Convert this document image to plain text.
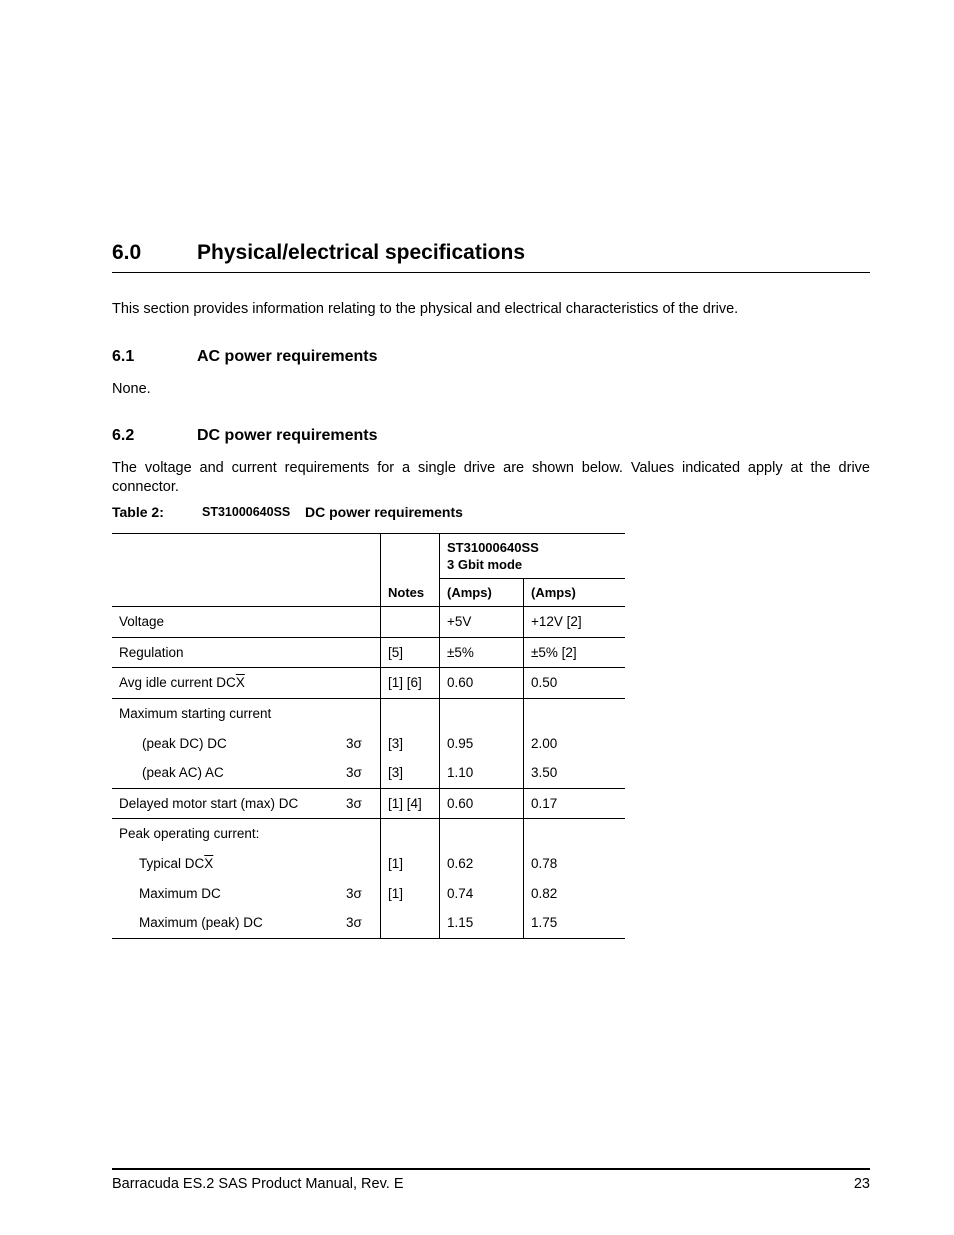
6.0	Physical/electrical specifications
This section provides information relating to the physical and electrical characteristics of the drive.
6.1	AC power requirements
None.
6.2	DC power requirements
The voltage and current requirements for a single drive are shown below. Values indicated apply at the drive connector.
Table 2:	ST31000640SS DC power requirements

			ST31000640SS
3 Gbit mode	

		Notes	(Amps)	(Amps)
Voltage			+5V	+12V [2]
Regulation		[5]	±5%	±5% [2]
Avg idle current $DC\overline{X}$		[1] [6]	0.60	0.50
Maximum starting current				
(peak DC) DC	3σ	[3]	0.95	2.00
(peak AC) AC	3σ	[3]	1.10	3.50
Delayed motor start (max) DC	3σ	[1] [4]	0.60	0.17
Peak operating current:				
Typical $DC\overline{X}$		[1]	0.62	0.78
Maximum DC	3σ	[1]	0.74	0.82
Maximum (peak) DC	3σ		1.15	1.75
Barracuda ES.2 SAS Product Manual, Rev. E	23
